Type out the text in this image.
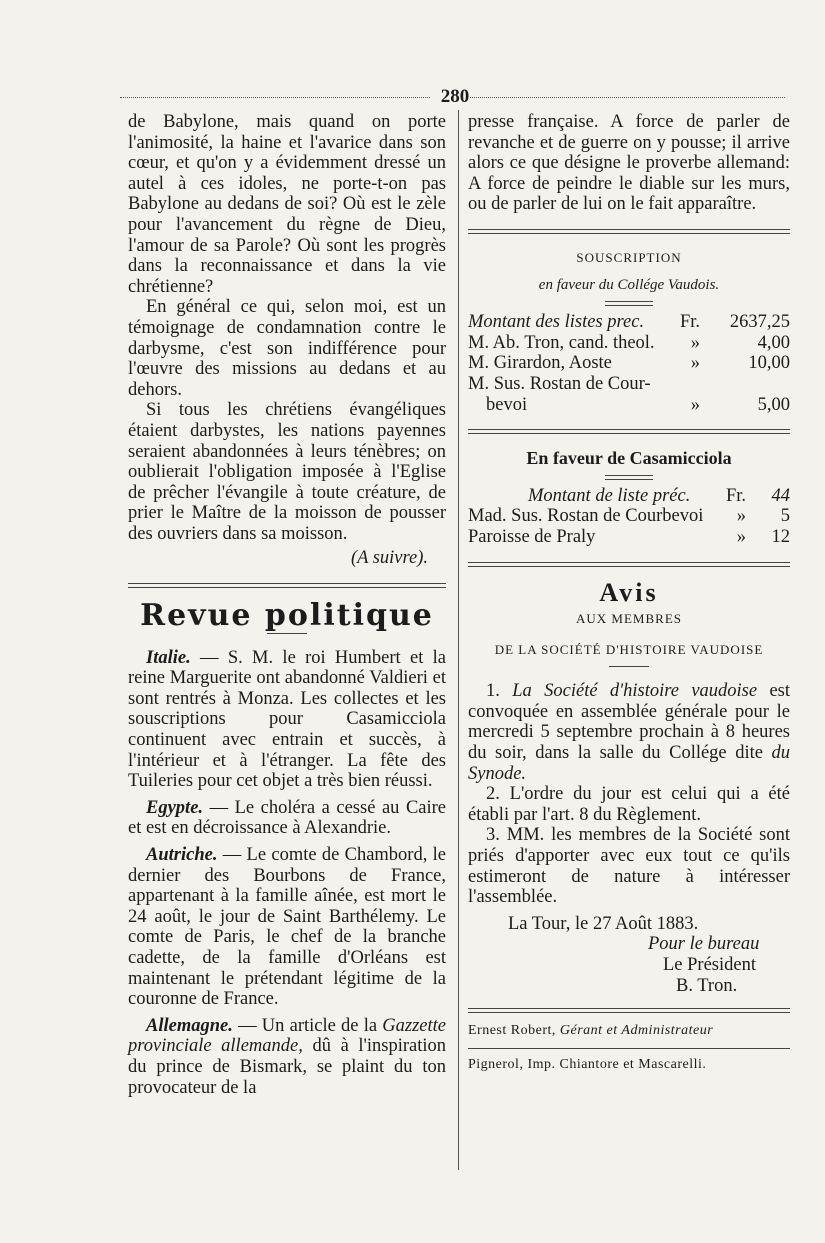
280

de Babylone, mais quand on porte l'animosité, la haine et l'avarice dans son cœur, et qu'on y a évidemment dressé un autel à ces idoles, ne porte-t-on pas Babylone au dedans de soi? Où est le zèle pour l'avancement du règne de Dieu, l'amour de sa Parole? Où sont les progrès dans la reconnaissance et dans la vie chrétienne?

En général ce qui, selon moi, est un témoignage de condamnation contre le darbysme, c'est son indifférence pour l'œuvre des missions au dedans et au dehors.

Si tous les chrétiens évangéliques étaient darbystes, les nations payennes seraient abandonnées à leurs ténèbres; on oublierait l'obligation imposée à l'Eglise de prêcher l'évangile à toute créature, de prier le Maître de la moisson de pousser des ouvriers dans sa moisson.

(A suivre).
Revue politique

Italie. — S. M. le roi Humbert et la reine Marguerite ont abandonné Valdieri et sont rentrés à Monza. Les collectes et les souscriptions pour Casamicciola continuent avec entrain et succès, à l'intérieur et à l'étranger. La fête des Tuileries pour cet objet a très bien réussi.

Egypte. — Le choléra a cessé au Caire et est en décroissance à Alexandrie.

Autriche. — Le comte de Chambord, le dernier des Bourbons de France, appartenant à la famille aînée, est mort le 24 août, le jour de Saint Barthélemy. Le comte de Paris, le chef de la branche cadette, de la famille d'Orléans est maintenant le prétendant légitime de la couronne de France.

Allemagne. — Un article de la Gazzette provinciale allemande, dû à l'inspiration du prince de Bismark, se plaint du ton provocateur de la

presse française. A force de parler de revanche et de guerre on y pousse; il arrive alors ce que désigne le proverbe allemand: A force de peindre le diable sur les murs, ou de parler de lui on le fait apparaître.

SOUSCRIPTION
en faveur du Collége Vaudois.
Montant des listes prec. Fr.	2637,25
M. Ab. Tron, cand. theol. »	4,00
M. Girardon, Aoste	»	10,00
M. Sus. Rostan de Cour-
bevoi	»	5,00
En faveur de Casamicciola
Montant de liste préc. Fr.	44
Mad. Sus. Rostan de Courbevoi »	5
Paroisse de Praly	»	12
Avis
AUX MEMBRES
DE LA SOCIÉTÉ D'HISTOIRE VAUDOISE

1. La Société d'histoire vaudoise est convoquée en assemblée générale pour le mercredi 5 septembre prochain à 8 heures du soir, dans la salle du Collége dite du Synode.

2. L'ordre du jour est celui qui a été établi par l'art. 8 du Règlement.

3. MM. les membres de la Société sont priés d'apporter avec eux tout ce qu'ils estimeront de nature à intéresser l'assemblée.

La Tour, le 27 Août 1883.
Pour le bureau
Le Président
B. Tron.
Ernest Robert, Gérant et Administrateur
Pignerol, Imp. Chiantore et Mascarelli.
